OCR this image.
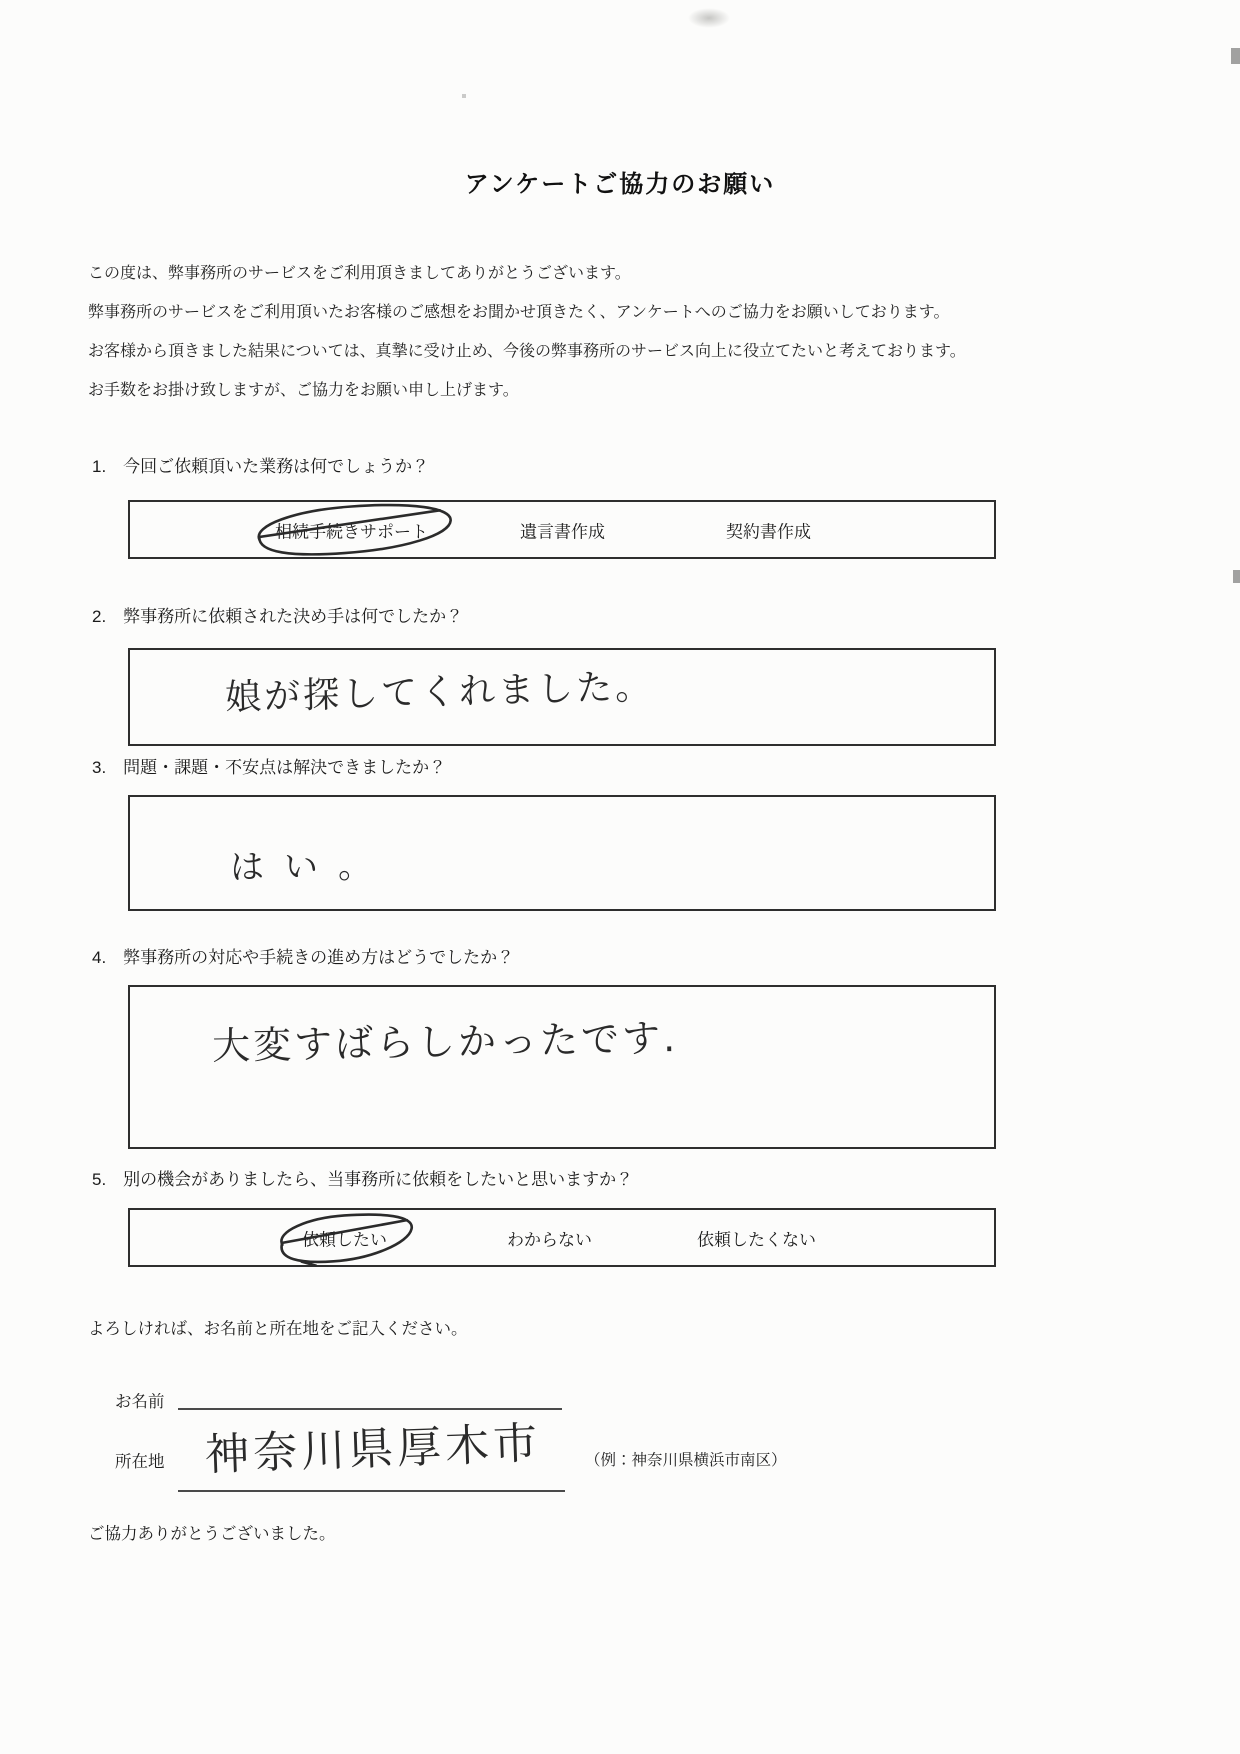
アンケートご協力のお願い

この度は、弊事務所のサービスをご利用頂きましてありがとうございます。

弊事務所のサービスをご利用頂いたお客様のご感想をお聞かせ頂きたく、アンケートへのご協力をお願いしております。

お客様から頂きました結果については、真摯に受け止め、今後の弊事務所のサービス向上に役立てたいと考えております。

お手数をお掛け致しますが、ご協力をお願い申し上げます。

1.　今回ご依頼頂いた業務は何でしょうか？
相続手続きサポート	遺言書作成	契約書作成
2.　弊事務所に依頼された決め手は何でしたか？
娘が探してくれました。
3.　問題・課題・不安点は解決できましたか？
はい。
4.　弊事務所の対応や手続きの進め方はどうでしたか？
大変すばらしかったです.
5.　別の機会がありましたら、当事務所に依頼をしたいと思いますか？
依頼したい	わからない	依頼したくない

よろしければ、お名前と所在地をご記入ください。

お名前
所在地 神奈川県厚木市	（例：神奈川県横浜市南区）

ご協力ありがとうございました。
